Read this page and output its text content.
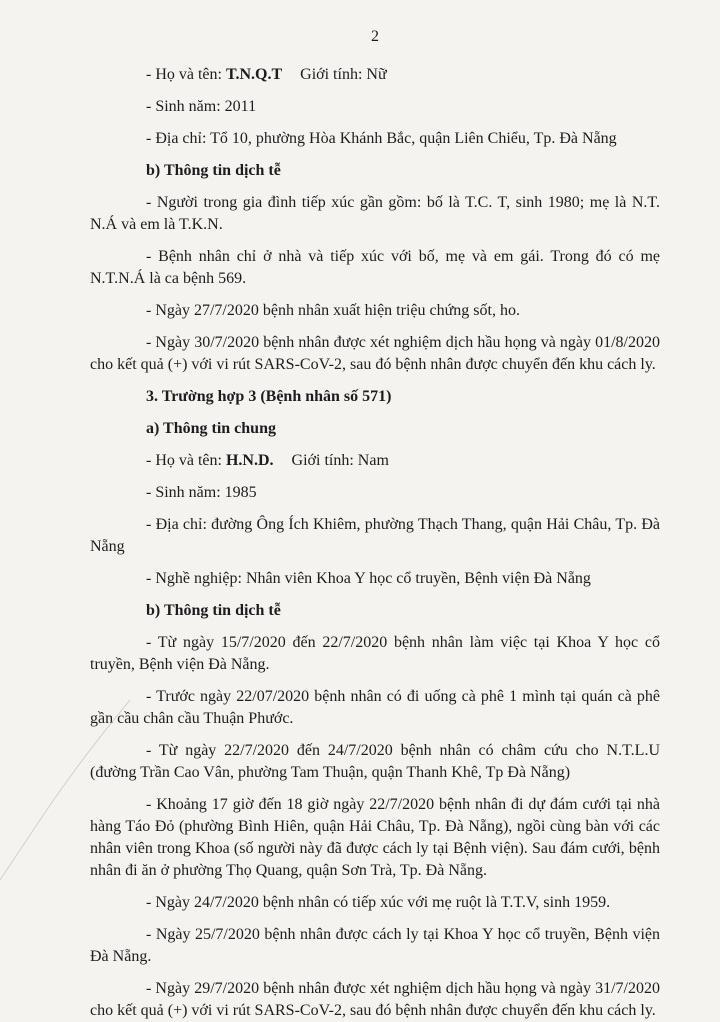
2

- Họ và tên: T.N.Q.T Giới tính: Nữ

- Sinh năm: 2011

- Địa chỉ: Tổ 10, phường Hòa Khánh Bắc, quận Liên Chiểu, Tp. Đà Nẵng

b) Thông tin dịch tễ

- Người trong gia đình tiếp xúc gần gồm: bố là T.C. T, sinh 1980; mẹ là N.T. N.Á và em là T.K.N.

- Bệnh nhân chỉ ở nhà và tiếp xúc với bố, mẹ và em gái. Trong đó có mẹ N.T.N.Á là ca bệnh 569.

- Ngày 27/7/2020 bệnh nhân xuất hiện triệu chứng sốt, ho.

- Ngày 30/7/2020 bệnh nhân được xét nghiệm dịch hầu họng và ngày 01/8/2020 cho kết quả (+) với vi rút SARS-CoV-2, sau đó bệnh nhân được chuyển đến khu cách ly.

3. Trường hợp 3 (Bệnh nhân số 571)

a) Thông tin chung

- Họ và tên: H.N.D. Giới tính: Nam

- Sinh năm: 1985

- Địa chỉ: đường Ông Ích Khiêm, phường Thạch Thang, quận Hải Châu, Tp. Đà Nẵng

- Nghề nghiệp: Nhân viên Khoa Y học cổ truyền, Bệnh viện Đà Nẵng

b) Thông tin dịch tễ

- Từ ngày 15/7/2020 đến 22/7/2020 bệnh nhân làm việc tại Khoa Y học cổ truyền, Bệnh viện Đà Nẵng.

- Trước ngày 22/07/2020 bệnh nhân có đi uống cà phê 1 mình tại quán cà phê gần cầu chân cầu Thuận Phước.

- Từ ngày 22/7/2020 đến 24/7/2020 bệnh nhân có châm cứu cho N.T.L.U (đường Trần Cao Vân, phường Tam Thuận, quận Thanh Khê, Tp Đà Nẵng)

- Khoảng 17 giờ đến 18 giờ ngày 22/7/2020 bệnh nhân đi dự đám cưới tại nhà hàng Táo Đỏ (phường Bình Hiên, quận Hải Châu, Tp. Đà Nẵng), ngồi cùng bàn với các nhân viên trong Khoa (số người này đã được cách ly tại Bệnh viện). Sau đám cưới, bệnh nhân đi ăn ở phường Thọ Quang, quận Sơn Trà, Tp. Đà Nẵng.

- Ngày 24/7/2020 bệnh nhân có tiếp xúc với mẹ ruột là T.T.V, sinh 1959.

- Ngày 25/7/2020 bệnh nhân được cách ly tại Khoa Y học cổ truyền, Bệnh viện Đà Nẵng.

- Ngày 29/7/2020 bệnh nhân được xét nghiệm dịch hầu họng và ngày 31/7/2020 cho kết quả (+) với vi rút SARS-CoV-2, sau đó bệnh nhân được chuyển đến khu cách ly.
